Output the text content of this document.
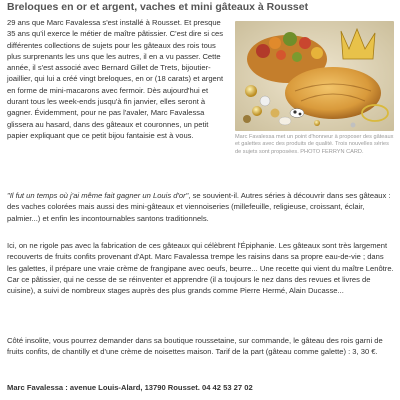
Breloques en or et argent, vaches et mini gâteaux à Rousset
29 ans que Marc Favalessa s'est installé à Rousset. Et presque 35 ans qu'il exerce le métier de maître pâtissier. C'est dire si ces différentes collections de sujets pour les gâteaux des rois tous plus surprenants les uns que les autres, il en a vu passer. Cette année, il s'est associé avec Bernard Gillet de Trets, bijoutier-joaillier, qui lui a créé vingt breloques, en or (18 carats) et argent en forme de mini-macarons avec fermoir. Dès aujourd'hui et durant tous les week-ends jusqu'à fin janvier, elles seront à gagner. Évidemment, pour ne pas l'avaler, Marc Favalessa glissera au hasard, dans des gâteaux et couronnes, un petit papier expliquant que ce petit bijou fantaisie est à vous.	Marc Favalessa met un point d'honneur à proposer des gâteaux et galettes avec des produits de qualité. Trois nouvelles séries de sujets sont proposées. PHOTO FERRYN CARD.
"Il fut un temps où j'ai même fait gagner un Louis d'or", se souvient-il. Autres séries à découvrir dans ses gâteaux : des vaches colorées mais aussi des mini-gâteaux et viennoiseries (millefeuille, religieuse, croissant, éclair, palmier...) et enfin les incontournables santons traditionnels.
Ici, on ne rigole pas avec la fabrication de ces gâteaux qui célèbrent l'Épiphanie. Les gâteaux sont très largement recouverts de fruits confits provenant d'Apt. Marc Favalessa trempe les raisins dans sa propre eau-de-vie ; dans les galettes, il prépare une vraie crème de frangipane avec oeufs, beurre... Une recette qui vient du maître Lenôtre. Car ce pâtissier, qui ne cesse de se réinventer et apprendre (il a toujours le nez dans des revues et livres de cuisine), a suivi de nombreux stages auprès des plus grands comme Pierre Hermé, Alain Ducasse...
Côté insolite, vous pourrez demander dans sa boutique roussetaine, sur commande, le gâteau des rois garni de fruits confits, de chantilly et d'une crème de noisettes maison. Tarif de la part (gâteau comme galette) : 3, 30 €.
Marc Favalessa : avenue Louis-Alard, 13790 Rousset. 04 42 53 27 02
